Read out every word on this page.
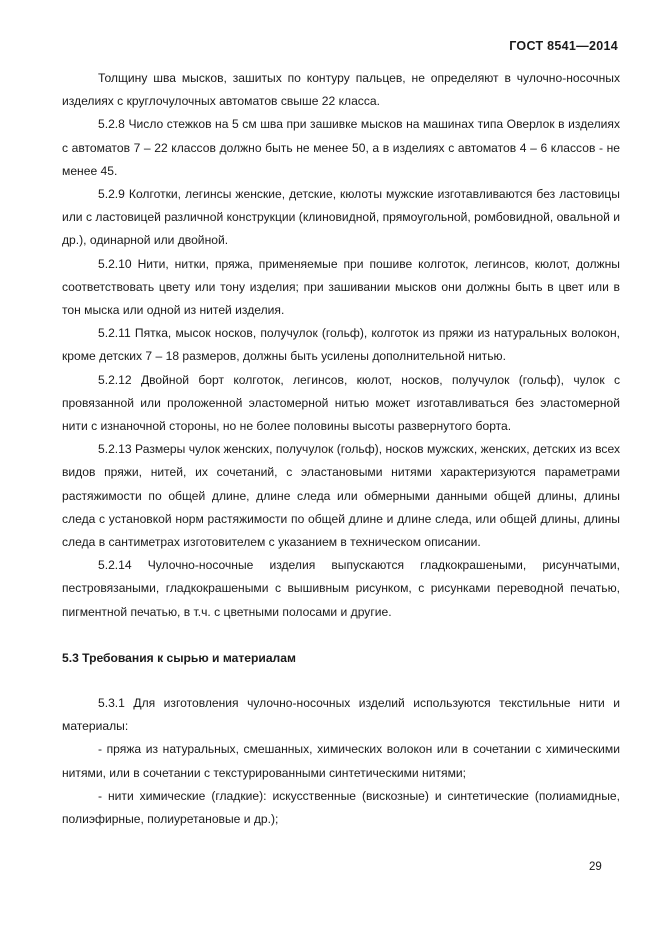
ГОСТ 8541—2014

Толщину шва мысков, зашитых по контуру пальцев, не определяют в чулочно-носочных изделиях с круглочулочных автоматов свыше 22 класса.

5.2.8 Число стежков на 5 см шва при зашивке мысков на машинах типа Оверлок в изделиях с автоматов 7 – 22 классов должно быть не менее 50, а в изделиях с автоматов 4 – 6 классов - не менее 45.

5.2.9 Колготки, легинсы женские, детские, кюлоты мужские изготавливаются без ластовицы или с ластовицей различной конструкции (клиновидной, прямоугольной, ромбовидной, овальной и др.), одинарной или двойной.

5.2.10 Нити, нитки, пряжа, применяемые при пошиве колготок, легинсов, кюлот, должны соответствовать цвету или тону изделия; при зашивании мысков они должны быть в цвет или в тон мыска или одной из нитей изделия.

5.2.11 Пятка, мысок носков, получулок (гольф), колготок из пряжи из натуральных волокон, кроме детских 7 – 18 размеров, должны быть усилены дополнительной нитью.

5.2.12 Двойной борт колготок, легинсов, кюлот, носков, получулок (гольф), чулок с провязанной или проложенной эластомерной нитью может изготавливаться без эластомерной нити с изнаночной стороны, но не более половины высоты развернутого борта.

5.2.13 Размеры чулок женских, получулок (гольф), носков мужских, женских, детских из всех видов пряжи, нитей, их сочетаний, с эластановыми нитями характеризуются параметрами растяжимости по общей длине, длине следа или обмерными данными общей длины, длины следа с установкой норм растяжимости по общей длине и длине следа, или общей длины, длины следа в сантиметрах изготовителем с указанием в техническом описании.

5.2.14 Чулочно-носочные изделия выпускаются гладкокрашеными, рисунчатыми, пестровязаными, гладкокрашеными с вышивным рисунком, с рисунками переводной печатью, пигментной печатью, в т.ч. с цветными полосами и другие.

5.3 Требования к сырью и материалам

5.3.1 Для изготовления чулочно-носочных изделий используются текстильные нити и материалы:

- пряжа из натуральных, смешанных, химических волокон или в сочетании с химическими нитями, или в сочетании с текстурированными синтетическими нитями;

- нити химические (гладкие): искусственные (вискозные) и синтетические (полиамидные, полиэфирные, полиуретановые и др.);

29
